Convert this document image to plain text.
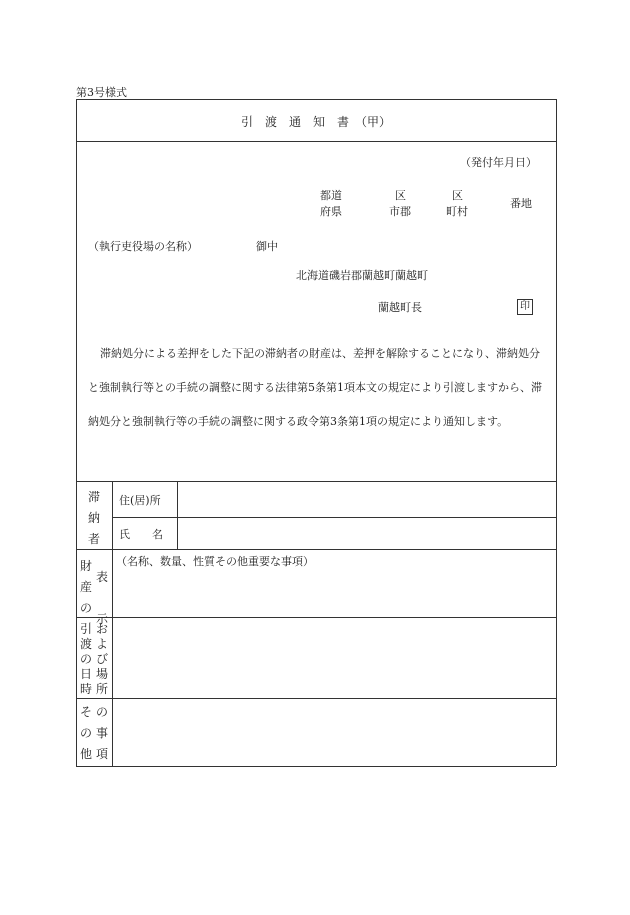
第3号様式
引　渡　通　知　書　（甲）
（発付年月日）
都道
府県
区
市郡
区
町村
番地
（執行吏役場の名称）	御中
北海道磯岩郡蘭越町蘭越町
蘭越町長	印
滞納処分による差押をした下記の滞納者の財産は、差押を解除することになり、滞納処分と強制執行等との手続の調整に関する法律第5条第1項本文の規定により引渡しますから、滞納処分と強制執行等の手続の調整に関する政令第3条第1項の規定により通知します。
滞
納
者
住(居)所
氏　　名
財
産
の
表
示
（名称、数量、性質その他重要な事項）
引
渡
の
日
時
お
よ
び
場
所
そ
の
他
の
事
項
